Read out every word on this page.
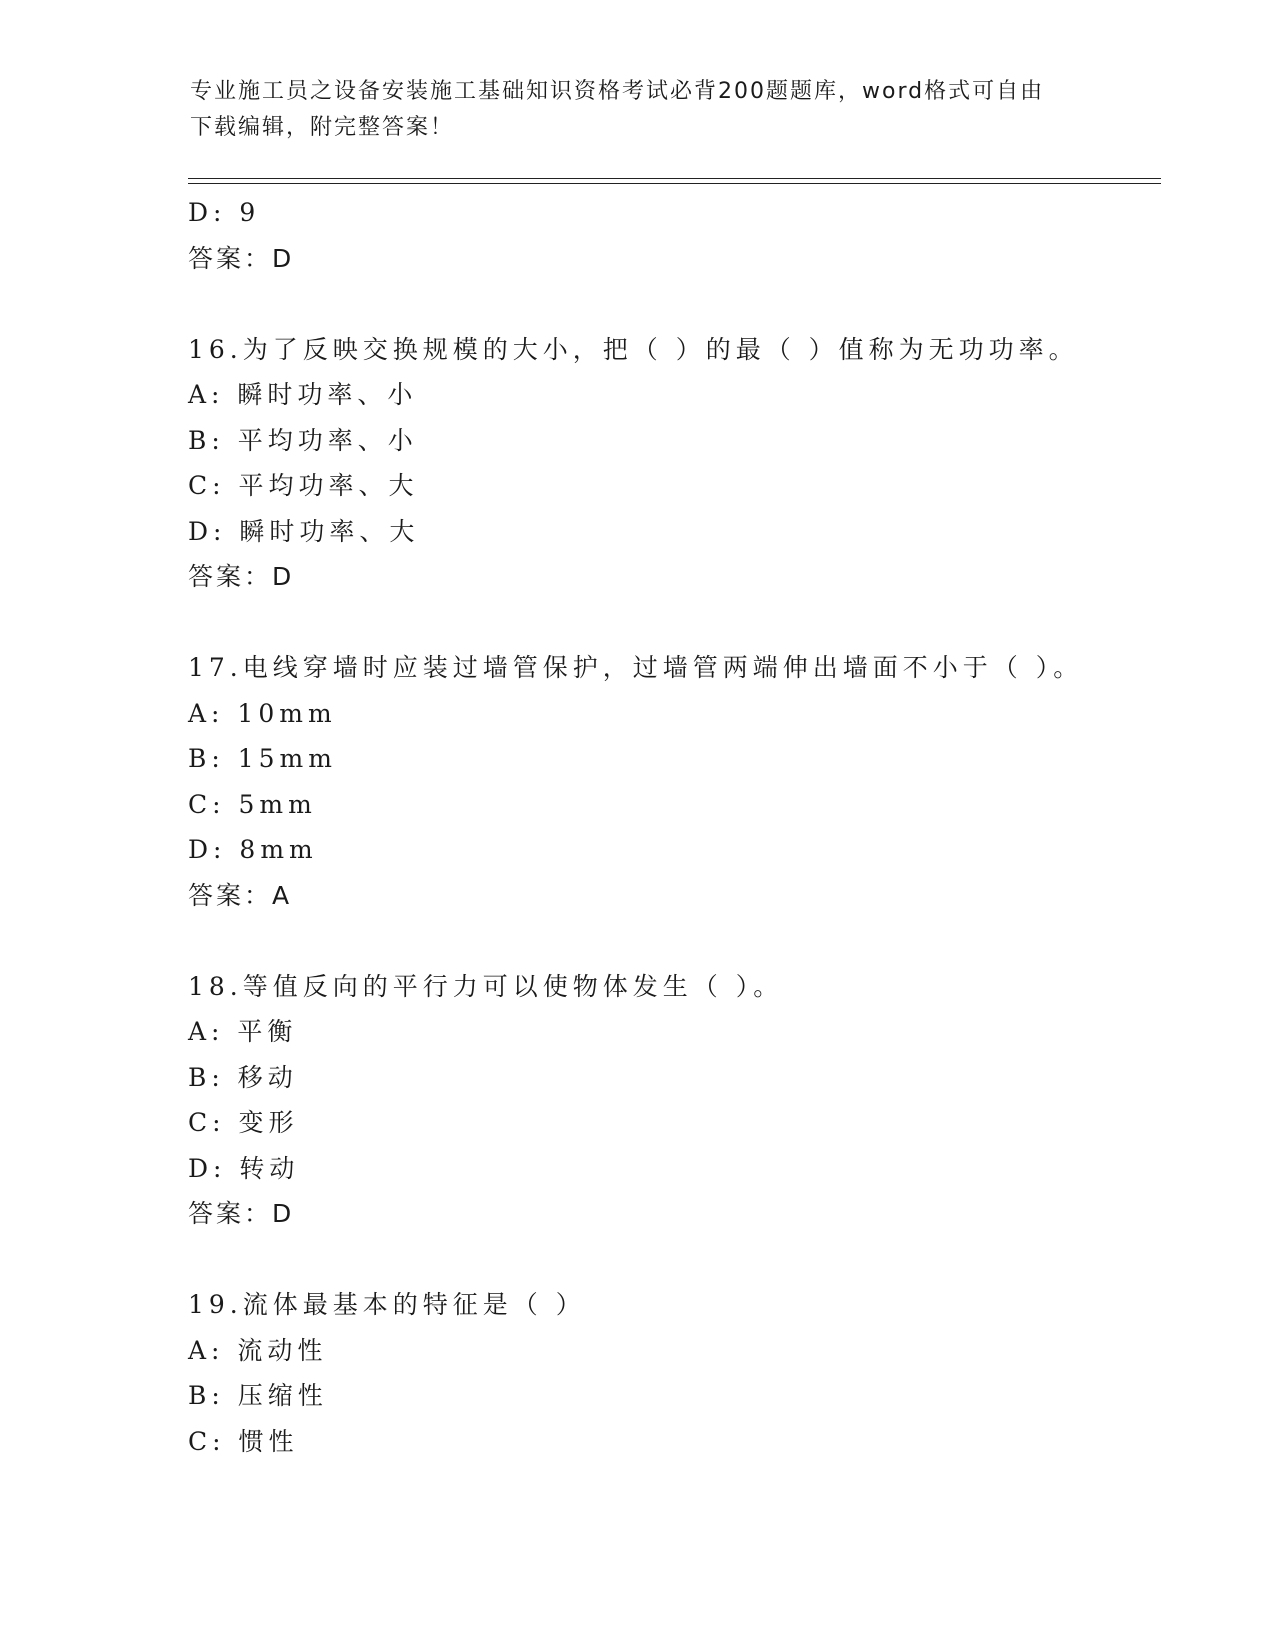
专业施工员之设备安装施工基础知识资格考试必背200题题库，word格式可自由
下载编辑，附完整答案！
D: 9
答案：D
16.为了反映交换规模的大小，把（ ）的最（ ）值称为无功功率。
A: 瞬时功率、小
B: 平均功率、小
C: 平均功率、大
D: 瞬时功率、大
答案：D
17.电线穿墙时应装过墙管保护，过墙管两端伸出墙面不小于（ ）。
A: 10mm
B: 15mm
C: 5mm
D: 8mm
答案：A
18.等值反向的平行力可以使物体发生（ ）。
A: 平衡
B: 移动
C: 变形
D: 转动
答案：D
19.流体最基本的特征是（ ）
A: 流动性
B: 压缩性
C: 惯性
